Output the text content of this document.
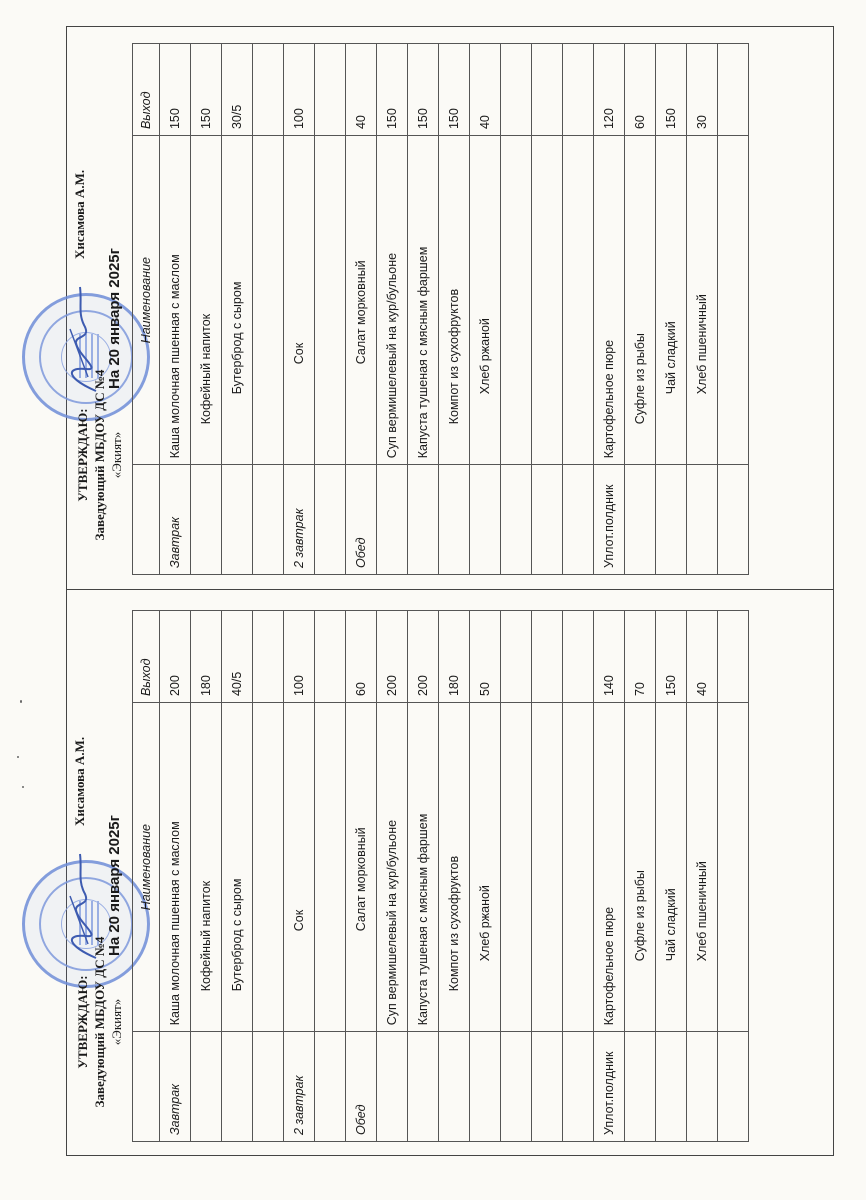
УТВЕРЖДАЮ: Заведующий МБДОУ ДС №4 «Экият»
Хисамова А.М.
На 20 января 2025г
	Наименование	Выход
Завтрак	Каша молочная пшенная с маслом	150
	Кофейный напиток	150
	Бутерброд с сыром	30/5

2 завтрак	Сок	100

Обед	Салат морковный	40
	Суп вермишелевый на кур/бульоне	150
	Капуста тушеная с мясным фаршем	150
	Компот из сухофруктов	150
	Хлеб ржаной	40

Уплот.полдник	Картофельное пюре	120
	Суфле из рыбы	60
	Чай сладкий	150
	Хлеб пшеничный	30

УТВЕРЖДАЮ: Заведующий МБДОУ ДС №4 «Экият»
Хисамова А.М.
На 20 января 2025г
	Наименование	Выход
Завтрак	Каша молочная пшенная с маслом	200
	Кофейный напиток	180
	Бутерброд с сыром	40/5

2 завтрак	Сок	100

Обед	Салат морковный	60
	Суп вермишелевый на кур/бульоне	200
	Капуста тушеная с мясным фаршем	200
	Компот из сухофруктов	180
	Хлеб ржаной	50

Уплот.полдник	Картофельное пюре	140
	Суфле из рыбы	70
	Чай сладкий	150
	Хлеб пшеничный	40
